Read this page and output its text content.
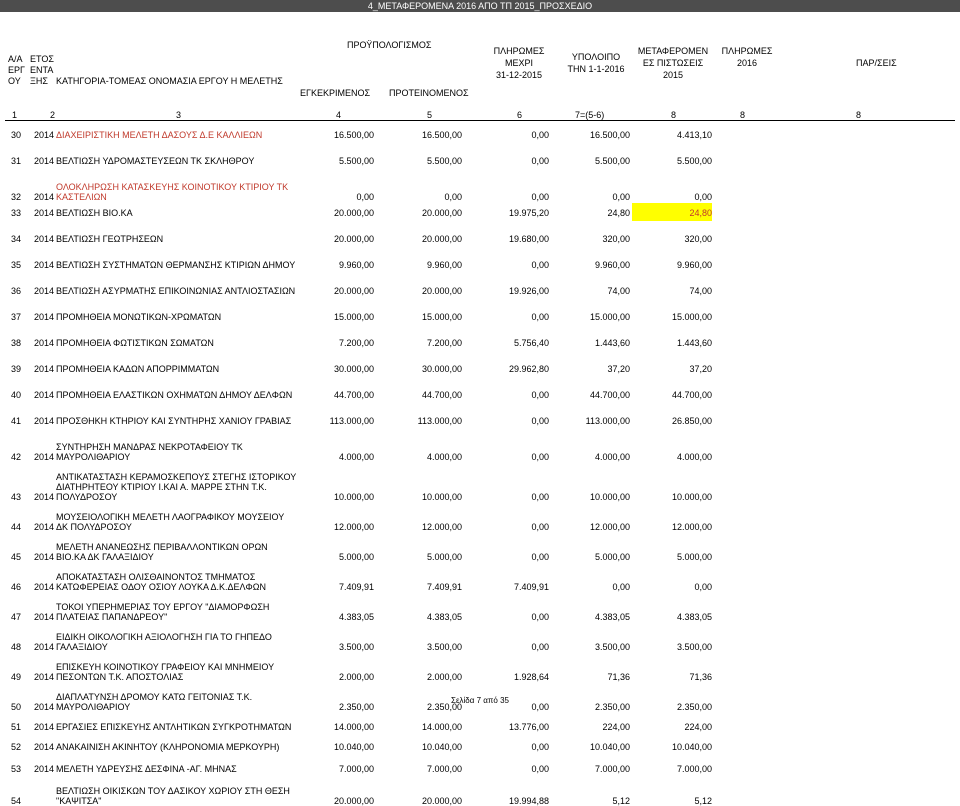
4_ΜΕΤΑΦΕΡΟΜΕΝΑ 2016 ΑΠΟ ΤΠ 2015_ΠΡΟΣΧΕΔΙΟ
Α/Α
ΕΡΓ
ΟΥ
ΕΤΟΣ
ΕΝΤΑ
ΞΗΣ ΚΑΤΗΓΟΡΙΑ-ΤΟΜΕΑΣ ΟΝΟΜΑΣΙΑ ΕΡΓΟΥ Η ΜΕΛΕΤΗΣ
ΠΡΟΫΠΟΛΟΓΙΣΜΟΣ
ΕΓΚΕΚΡΙΜΕΝΟΣ ΠΡΟΤΕΙΝΟΜΕΝΟΣ
ΠΛΗΡΩΜΕΣ
ΜΕΧΡΙ
31-12-2015
ΥΠΟΛΟΙΠΟ
ΤΗΝ 1-1-2016
ΜΕΤΑΦΕΡΟΜΕΝ
ΕΣ ΠΙΣΤΩΣΕΙΣ
2015
ΠΛΗΡΩΜΕΣ
2016	ΠΑΡ/ΣΕΙΣ
1	2	3	4	5	6	7=(5-6)	8	8	8
30 2014 ΔΙΑΧΕΙΡΙΣΤΙΚΗ ΜΕΛΕΤΗ ΔΑΣΟΥΣ Δ.Ε ΚΑΛΛΙΕΩΝ	16.500,00	16.500,00	0,00	16.500,00	4.413,10
31 2014 ΒΕΛΤΙΩΣΗ ΥΔΡΟΜΑΣΤΕΥΣΕΩΝ ΤΚ ΣΚΛΗΘΡΟΥ	5.500,00	5.500,00	0,00	5.500,00	5.500,00
32 2014
ΟΛΟΚΛΗΡΩΣΗ ΚΑΤΑΣΚΕΥΗΣ ΚΟΙΝΟΤΙΚΟΥ ΚΤΙΡΙΟΥ ΤΚ
ΚΑΣΤΕΛΙΩΝ	0,00	0,00	0,00	0,00	0,00
33 2014 ΒΕΛΤΙΩΣΗ ΒΙΟ.ΚΑ	20.000,00	20.000,00	19.975,20	24,80	24,80
34 2014 ΒΕΛΤΙΩΣΗ ΓΕΩΤΡΗΣΕΩΝ	20.000,00	20.000,00	19.680,00	320,00	320,00
35 2014 ΒΕΛΤΙΩΣΗ ΣΥΣΤΗΜΑΤΩΝ ΘΕΡΜΑΝΣΗΣ ΚΤΙΡΙΩΝ ΔΗΜΟΥ	9.960,00	9.960,00	0,00	9.960,00	9.960,00
36 2014 ΒΕΛΤΙΩΣΗ ΑΣΥΡΜΑΤΗΣ ΕΠΙΚΟΙΝΩΝΙΑΣ ΑΝΤΛΙΟΣΤΑΣΙΩΝ	20.000,00	20.000,00	19.926,00	74,00	74,00
37 2014 ΠΡΟΜΗΘΕΙΑ ΜΟΝΩΤΙΚΩΝ-ΧΡΩΜΑΤΩΝ	15.000,00	15.000,00	0,00	15.000,00	15.000,00
38 2014 ΠΡΟΜΗΘΕΙΑ ΦΩΤΙΣΤΙΚΩΝ ΣΩΜΑΤΩΝ	7.200,00	7.200,00	5.756,40	1.443,60	1.443,60
39 2014 ΠΡΟΜΗΘΕΙΑ ΚΑΔΩΝ ΑΠΟΡΡΙΜΜΑΤΩΝ	30.000,00	30.000,00	29.962,80	37,20	37,20
40 2014 ΠΡΟΜΗΘΕΙΑ ΕΛΑΣΤΙΚΩΝ ΟΧΗΜΑΤΩΝ ΔΗΜΟΥ ΔΕΛΦΩΝ	44.700,00	44.700,00	0,00	44.700,00	44.700,00
41 2014 ΠΡΟΣΘΗΚΗ ΚΤΗΡΙΟΥ ΚΑΙ ΣΥΝΤΗΡΗΣ ΧΑΝΙΟΥ ΓΡΑΒΙΑΣ	113.000,00	113.000,00	0,00	113.000,00	26.850,00
42 2014
ΣΥΝΤΗΡΗΣΗ ΜΑΝΔΡΑΣ ΝΕΚΡΟΤΑΦΕΙΟΥ ΤΚ
ΜΑΥΡΟΛΙΘΑΡΙΟΥ	4.000,00	4.000,00	0,00	4.000,00	4.000,00
43 2014
ΑΝΤΙΚΑΤΑΣΤΑΣΗ ΚΕΡΑΜΟΣΚΕΠΟΥΣ ΣΤΕΓΗΣ ΙΣΤΟΡΙΚΟΥ
ΔΙΑΤΗΡΗΤΕΟΥ ΚΤΙΡΙΟΥ Ι.ΚΑΙ Α. ΜΑΡΡΕ ΣΤΗΝ Τ.Κ.
ΠΟΛΥΔΡΟΣΟΥ	10.000,00	10.000,00	0,00	10.000,00	10.000,00
44 2014
ΜΟΥΣΕΙΟΛΟΓΙΚΗ ΜΕΛΕΤΗ ΛΑΟΓΡΑΦΙΚΟΥ ΜΟΥΣΕΙΟΥ
ΔΚ ΠΟΛΥΔΡΟΣΟΥ	12.000,00	12.000,00	0,00	12.000,00	12.000,00
45 2014
ΜΕΛΕΤΗ ΑΝΑΝΕΩΣΗΣ ΠΕΡΙΒΑΛΛΟΝΤΙΚΩΝ ΟΡΩΝ
ΒΙΟ.ΚΑ ΔΚ ΓΑΛΑΞΙΔΙΟΥ	5.000,00	5.000,00	0,00	5.000,00	5.000,00
46 2014
ΑΠΟΚΑΤΑΣΤΑΣΗ ΟΛΙΣΘΑΙΝΟΝΤΟΣ ΤΜΗΜΑΤΟΣ
ΚΑΤΩΦΕΡΕΙΑΣ ΟΔΟΥ ΟΣΙΟΥ ΛΟΥΚΑ Δ.Κ.ΔΕΛΦΩΝ	7.409,91	7.409,91	7.409,91	0,00	0,00
47 2014
ΤΟΚΟΙ ΥΠΕΡΗΜΕΡΙΑΣ ΤΟΥ ΕΡΓΟΥ "ΔΙΑΜΟΡΦΩΣΗ
ΠΛΑΤΕΙΑΣ ΠΑΠΑΝΔΡΕΟΥ"	4.383,05	4.383,05	0,00	4.383,05	4.383,05
48 2014
ΕΙΔΙΚΗ ΟΙΚΟΛΟΓΙΚΗ ΑΞΙΟΛΟΓΗΣΗ ΓΙΑ ΤΟ ΓΗΠΕΔΟ
ΓΑΛΑΞΙΔΙΟΥ	3.500,00	3.500,00	0,00	3.500,00	3.500,00
49 2014
ΕΠΙΣΚΕΥΗ ΚΟΙΝΟΤΙΚΟΥ ΓΡΑΦΕΙΟΥ ΚΑΙ ΜΝΗΜΕΙΟΥ
ΠΕΣΟΝΤΩΝ Τ.Κ. ΑΠΟΣΤΟΛΙΑΣ	2.000,00	2.000,00	1.928,64	71,36	71,36
50 2014
ΔΙΑΠΛΑΤΥΝΣΗ ΔΡΟΜΟΥ ΚΑΤΩ ΓΕΙΤΟΝΙΑΣ Τ.Κ.
ΜΑΥΡΟΛΙΘΑΡΙΟΥ	2.350,00	2.350,00	0,00	2.350,00	2.350,00
51 2014 ΕΡΓΑΣΙΕΣ ΕΠΙΣΚΕΥΗΣ ΑΝΤΛΗΤΙΚΩΝ ΣΥΓΚΡΟΤΗΜΑΤΩΝ	14.000,00	14.000,00	13.776,00	224,00	224,00
52 2014 ΑΝΑΚΑΙΝΙΣΗ ΑΚΙΝΗΤΟΥ (ΚΛΗΡΟΝΟΜΙΑ ΜΕΡΚΟΥΡΗ)	10.040,00	10.040,00	0,00	10.040,00	10.040,00
53 2014 ΜΕΛΕΤΗ ΥΔΡΕΥΣΗΣ ΔΕΣΦΙΝΑ -ΑΓ. ΜΗΝΑΣ	7.000,00	7.000,00	0,00	7.000,00	7.000,00
54
ΒΕΛΤΙΩΣΗ ΟΙΚΙΣΚΩΝ ΤΟΥ ΔΑΣΙΚΟΥ ΧΩΡΙΟΥ ΣΤΗ ΘΕΣΗ
"ΚΑΨΙΤΣΑ"	20.000,00	20.000,00	19.994,88	5,12	5,12
Σελίδα 7 από 35
